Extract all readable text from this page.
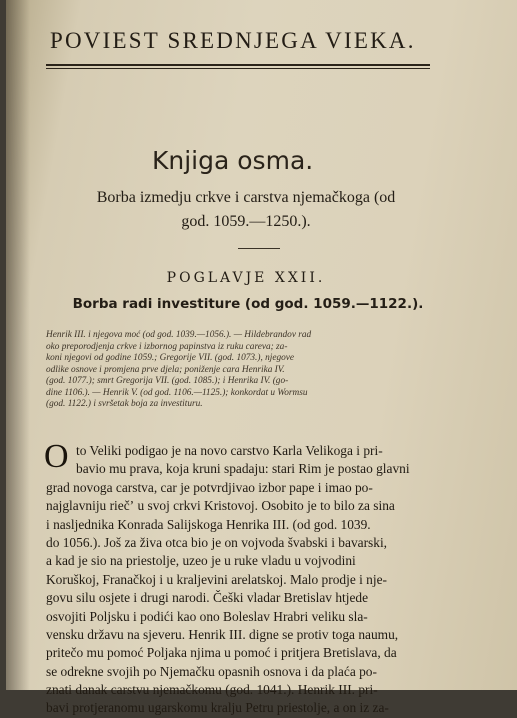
POVIEST SREDNJEGA VIEKA.
Knjiga osma.
Borba izmedju crkve i carstva njemačkoga (od
god. 1059.—1250.).
POGLAVJE XXII.
Borba radi investiture (od god. 1059.—1122.).
Henrik III. i njegova moć (od god. 1039.—1056.). — Hildebrandov rad
oko preporodjenja crkve i izbornog papinstva iz ruku careva; za-
koni njegovi od godine 1059.; Gregorije VII. (god. 1073.), njegove
odlike osnove i promjena prve djela; poniženje cara Henrika IV.
(god. 1077.); smrt Gregorija VII. (god. 1085.); i Henrika IV. (go-
dine 1106.). — Henrik V. (od god. 1106.—1125.); konkordat u Wormsu
(god. 1122.) i svršetak boja za investituru.
O to Veliki podigao je na novo carstvo Karla Velikoga i pri-
bavio mu prava, koja kruni spadaju: stari Rim je postao glavni
grad novoga carstva, car je potvrdjivao izbor pape i imao po-
najglavniju riečʼ u svoj crkvi Kristovoj. Osobito je to bilo za sina
i nasljednika Konrada Salijskoga Henrika III. (od god. 1039.
do 1056.). Još za živa otca bio je on vojvoda švabski i bavarski,
a kad je sio na priestolje, uzeo je u ruke vladu u vojvodini
Koruškoj, Franačkoj i u kraljevini arelatskoj. Malo prodje i nje-
govu silu osjete i drugi narodi. Češki vladar Bretislav htjede
osvojiti Poljsku i podići kao ono Boleslav Hrabri veliku sla-
vensku državu na sjeveru. Henrik III. digne se protiv toga naumu,
pritečo mu pomoć Poljaka njima u pomoć i pritjera Bretislava, da
se odrekne svojih po Njemačku opasnih osnova i da plaća po-
znati danak carstvu njemačkomu (god. 1041.). Henrik III. pri-
bavi protjeranomu ugarskomu kralju Petru priestolje, a on iz za-
